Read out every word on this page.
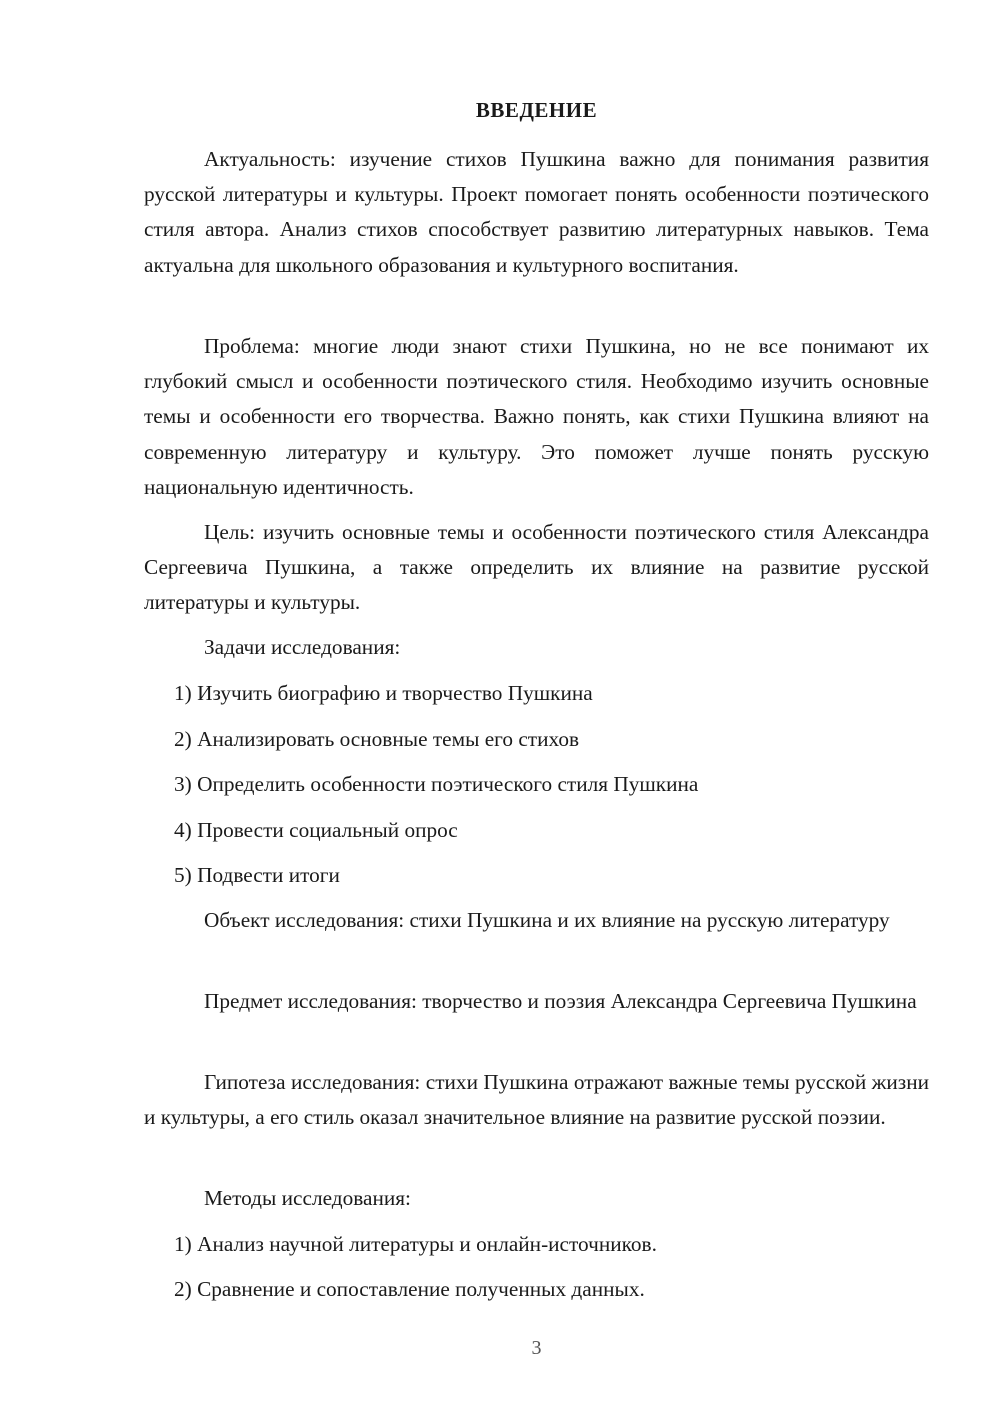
ВВЕДЕНИЕ

Актуальность: изучение стихов Пушкина важно для понимания развития русской литературы и культуры. Проект помогает понять особенности поэтического стиля автора. Анализ стихов способствует развитию литературных навыков. Тема актуальна для школьного образования и культурного воспитания.

Проблема: многие люди знают стихи Пушкина, но не все понимают их глубокий смысл и особенности поэтического стиля. Необходимо изучить основные темы и особенности его творчества. Важно понять, как стихи Пушкина влияют на современную литературу и культуру. Это поможет лучше понять русскую национальную идентичность.

Цель: изучить основные темы и особенности поэтического стиля Александра Сергеевича Пушкина, а также определить их влияние на развитие русской литературы и культуры.

Задачи исследования:

1) Изучить биографию и творчество Пушкина

2) Анализировать основные темы его стихов

3) Определить особенности поэтического стиля Пушкина

4) Провести социальный опрос

5) Подвести итоги

Объект исследования: стихи Пушкина и их влияние на русскую литературу

Предмет исследования: творчество и поэзия Александра Сергеевича Пушкина

Гипотеза исследования: стихи Пушкина отражают важные темы русской жизни и культуры, а его стиль оказал значительное влияние на развитие русской поэзии.

Методы исследования:

1) Анализ научной литературы и онлайн-источников.

2) Сравнение и сопоставление полученных данных.

3
